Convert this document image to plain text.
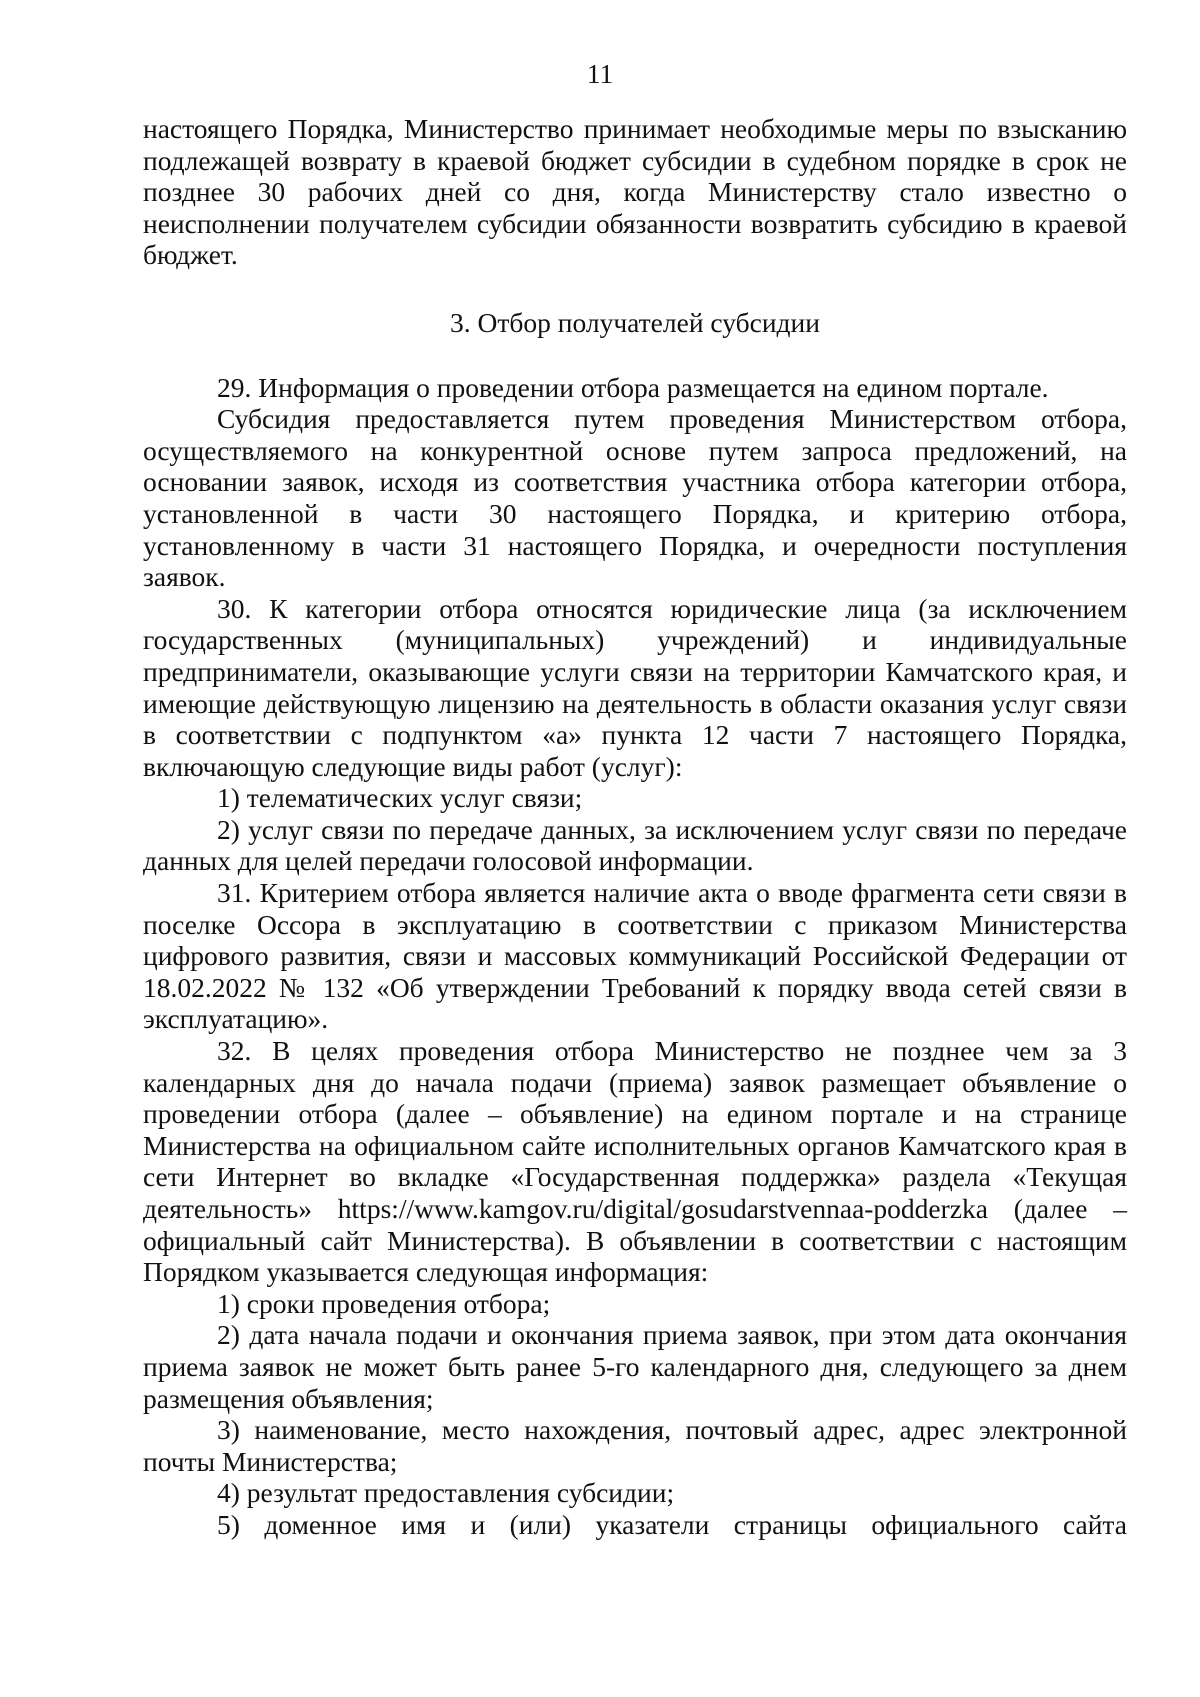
11

настоящего Порядка, Министерство принимает необходимые меры по взысканию подлежащей возврату в краевой бюджет субсидии в судебном порядке в срок не позднее 30 рабочих дней со дня, когда Министерству стало известно о неисполнении получателем субсидии обязанности возвратить субсидию в краевой бюджет.

3. Отбор получателей субсидии

29. Информация о проведении отбора размещается на едином портале.

Субсидия предоставляется путем проведения Министерством отбора, осуществляемого на конкурентной основе путем запроса предложений, на основании заявок, исходя из соответствия участника отбора категории отбора, установленной в части 30 настоящего Порядка, и критерию отбора, установленному в части 31 настоящего Порядка, и очередности поступления заявок.

30. К категории отбора относятся юридические лица (за исключением государственных (муниципальных) учреждений) и индивидуальные предприниматели, оказывающие услуги связи на территории Камчатского края, и имеющие действующую лицензию на деятельность в области оказания услуг связи в соответствии с подпунктом «а» пункта 12 части 7 настоящего Порядка, включающую следующие виды работ (услуг):

1) телематических услуг связи;

2) услуг связи по передаче данных, за исключением услуг связи по передаче данных для целей передачи голосовой информации.

31. Критерием отбора является наличие акта о вводе фрагмента сети связи в поселке Оссора в эксплуатацию в соответствии с приказом Министерства цифрового развития, связи и массовых коммуникаций Российской Федерации от 18.02.2022 № 132 «Об утверждении Требований к порядку ввода сетей связи в эксплуатацию».

32. В целях проведения отбора Министерство не позднее чем за 3 календарных дня до начала подачи (приема) заявок размещает объявление о проведении отбора (далее – объявление) на едином портале и на странице Министерства на официальном сайте исполнительных органов Камчатского края в сети Интернет во вкладке «Государственная поддержка» раздела «Текущая деятельность» https://www.kamgov.ru/digital/gosudarstvennaa-podderzka (далее – официальный сайт Министерства). В объявлении в соответствии с настоящим Порядком указывается следующая информация:

1) сроки проведения отбора;

2) дата начала подачи и окончания приема заявок, при этом дата окончания приема заявок не может быть ранее 5-го календарного дня, следующего за днем размещения объявления;

3) наименование, место нахождения, почтовый адрес, адрес электронной почты Министерства;

4) результат предоставления субсидии;

5) доменное имя и (или) указатели страницы официального сайта
